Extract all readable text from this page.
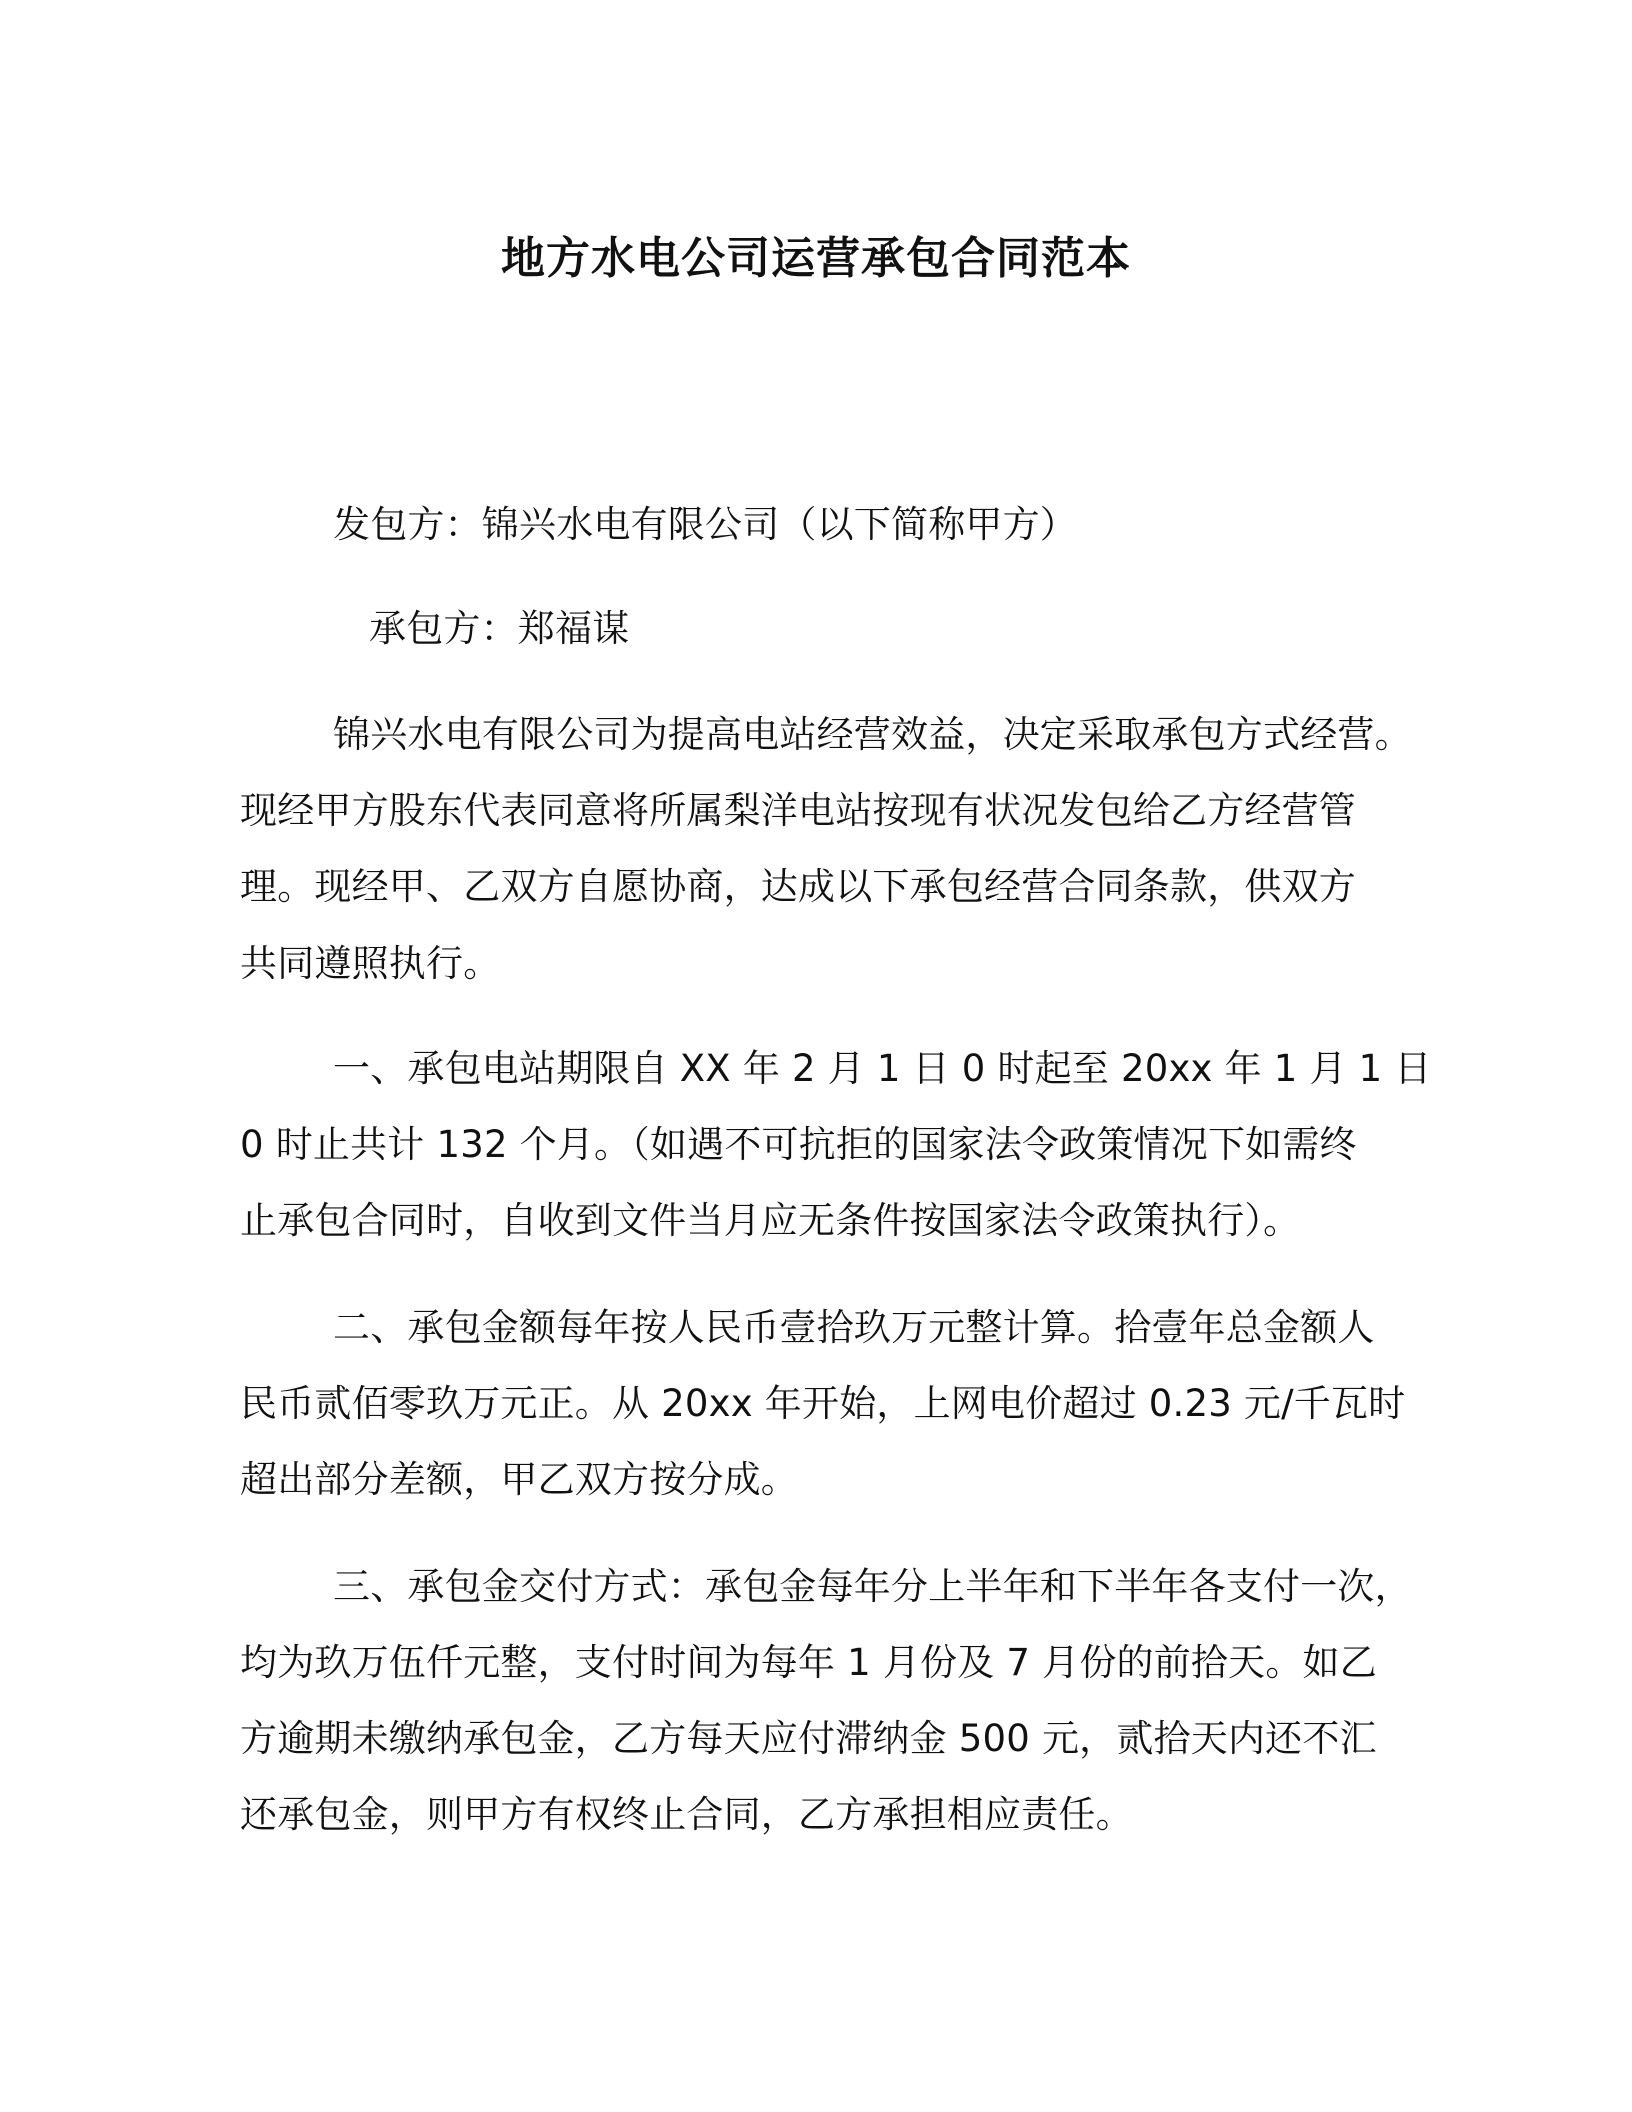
地方水电公司运营承包合同范本
发包方：锦兴水电有限公司（以下简称甲方）
承包方：郑福谋
锦兴水电有限公司为提高电站经营效益，决定采取承包方式经营。
现经甲方股东代表同意将所属梨洋电站按现有状况发包给乙方经营管
理。现经甲、乙双方自愿协商，达成以下承包经营合同条款，供双方
共同遵照执行。
一、承包电站期限自 XX 年 2 月 1 日 0 时起至 20xx 年 1 月 1 日
0 时止共计 132 个月。（如遇不可抗拒的国家法令政策情况下如需终
止承包合同时，自收到文件当月应无条件按国家法令政策执行）。
二、承包金额每年按人民币壹拾玖万元整计算。拾壹年总金额人
民币贰佰零玖万元正。从 20xx 年开始，上网电价超过 0.23 元/千瓦时
超出部分差额，甲乙双方按分成。
三、承包金交付方式：承包金每年分上半年和下半年各支付一次，
均为玖万伍仟元整，支付时间为每年 1 月份及 7 月份的前拾天。如乙
方逾期未缴纳承包金，乙方每天应付滞纳金 500 元，贰拾天内还不汇
还承包金，则甲方有权终止合同，乙方承担相应责任。
